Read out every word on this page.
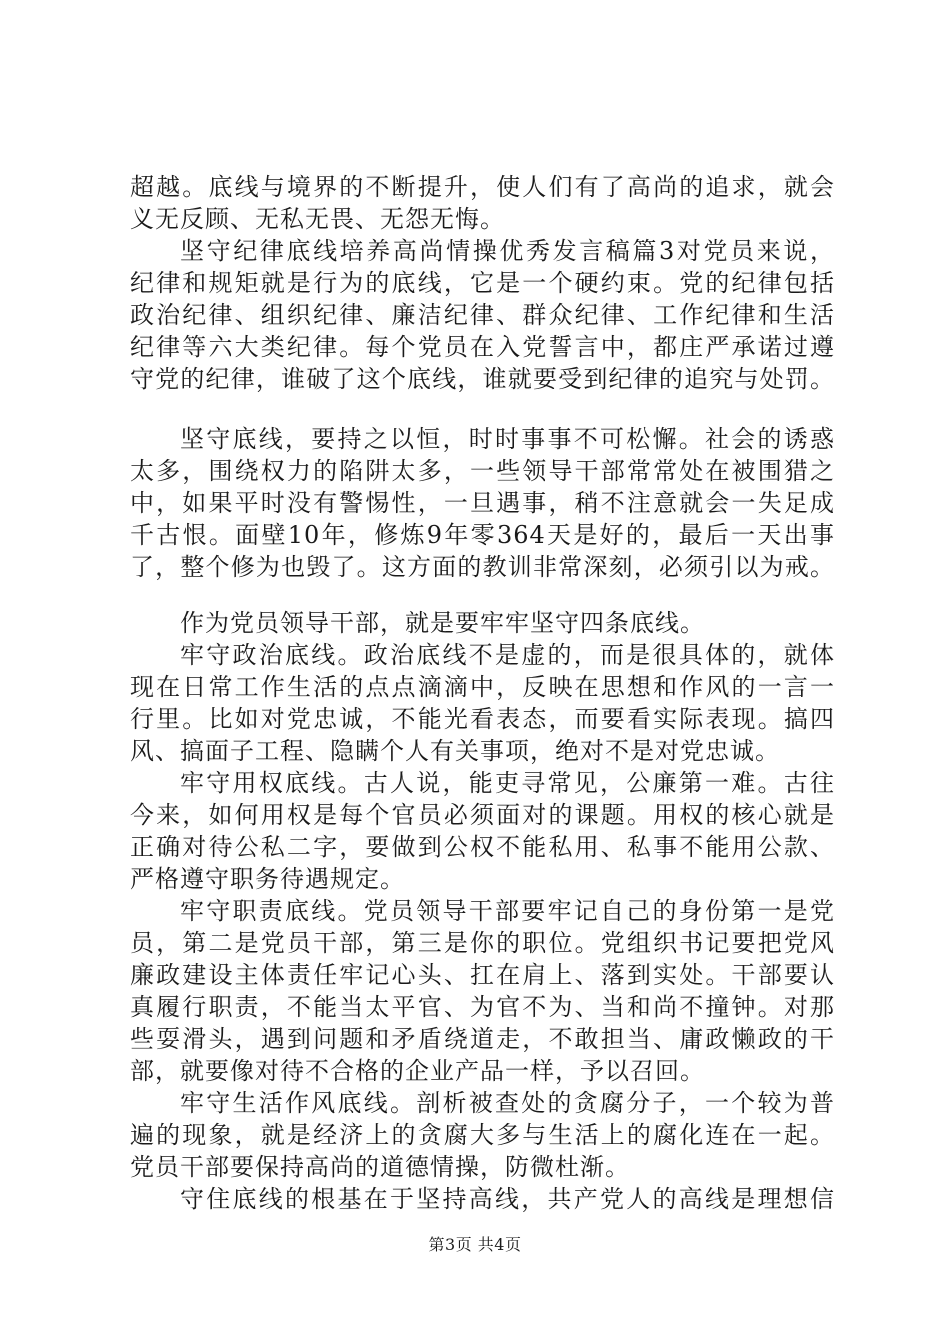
超越。底线与境界的不断提升，使人们有了高尚的追求，就会
义无反顾、无私无畏、无怨无悔。
坚守纪律底线培养高尚情操优秀发言稿篇3对党员来说，
纪律和规矩就是行为的底线，它是一个硬约束。党的纪律包括
政治纪律、组织纪律、廉洁纪律、群众纪律、工作纪律和生活
纪律等六大类纪律。每个党员在入党誓言中，都庄严承诺过遵
守党的纪律，谁破了这个底线，谁就要受到纪律的追究与处罚。
坚守底线，要持之以恒，时时事事不可松懈。社会的诱惑
太多，围绕权力的陷阱太多，一些领导干部常常处在被围猎之
中，如果平时没有警惕性，一旦遇事，稍不注意就会一失足成
千古恨。面壁10年，修炼9年零364天是好的，最后一天出事
了，整个修为也毁了。这方面的教训非常深刻，必须引以为戒。
作为党员领导干部，就是要牢牢坚守四条底线。
牢守政治底线。政治底线不是虚的，而是很具体的，就体
现在日常工作生活的点点滴滴中，反映在思想和作风的一言一
行里。比如对党忠诚，不能光看表态，而要看实际表现。搞四
风、搞面子工程、隐瞒个人有关事项，绝对不是对党忠诚。
牢守用权底线。古人说，能吏寻常见，公廉第一难。古往
今来，如何用权是每个官员必须面对的课题。用权的核心就是
正确对待公私二字，要做到公权不能私用、私事不能用公款、
严格遵守职务待遇规定。
牢守职责底线。党员领导干部要牢记自己的身份第一是党
员，第二是党员干部，第三是你的职位。党组织书记要把党风
廉政建设主体责任牢记心头、扛在肩上、落到实处。干部要认
真履行职责，不能当太平官、为官不为、当和尚不撞钟。对那
些耍滑头，遇到问题和矛盾绕道走，不敢担当、庸政懒政的干
部，就要像对待不合格的企业产品一样，予以召回。
牢守生活作风底线。剖析被查处的贪腐分子，一个较为普
遍的现象，就是经济上的贪腐大多与生活上的腐化连在一起。
党员干部要保持高尚的道德情操，防微杜渐。
守住底线的根基在于坚持高线，共产党人的高线是理想信
第3页 共4页
